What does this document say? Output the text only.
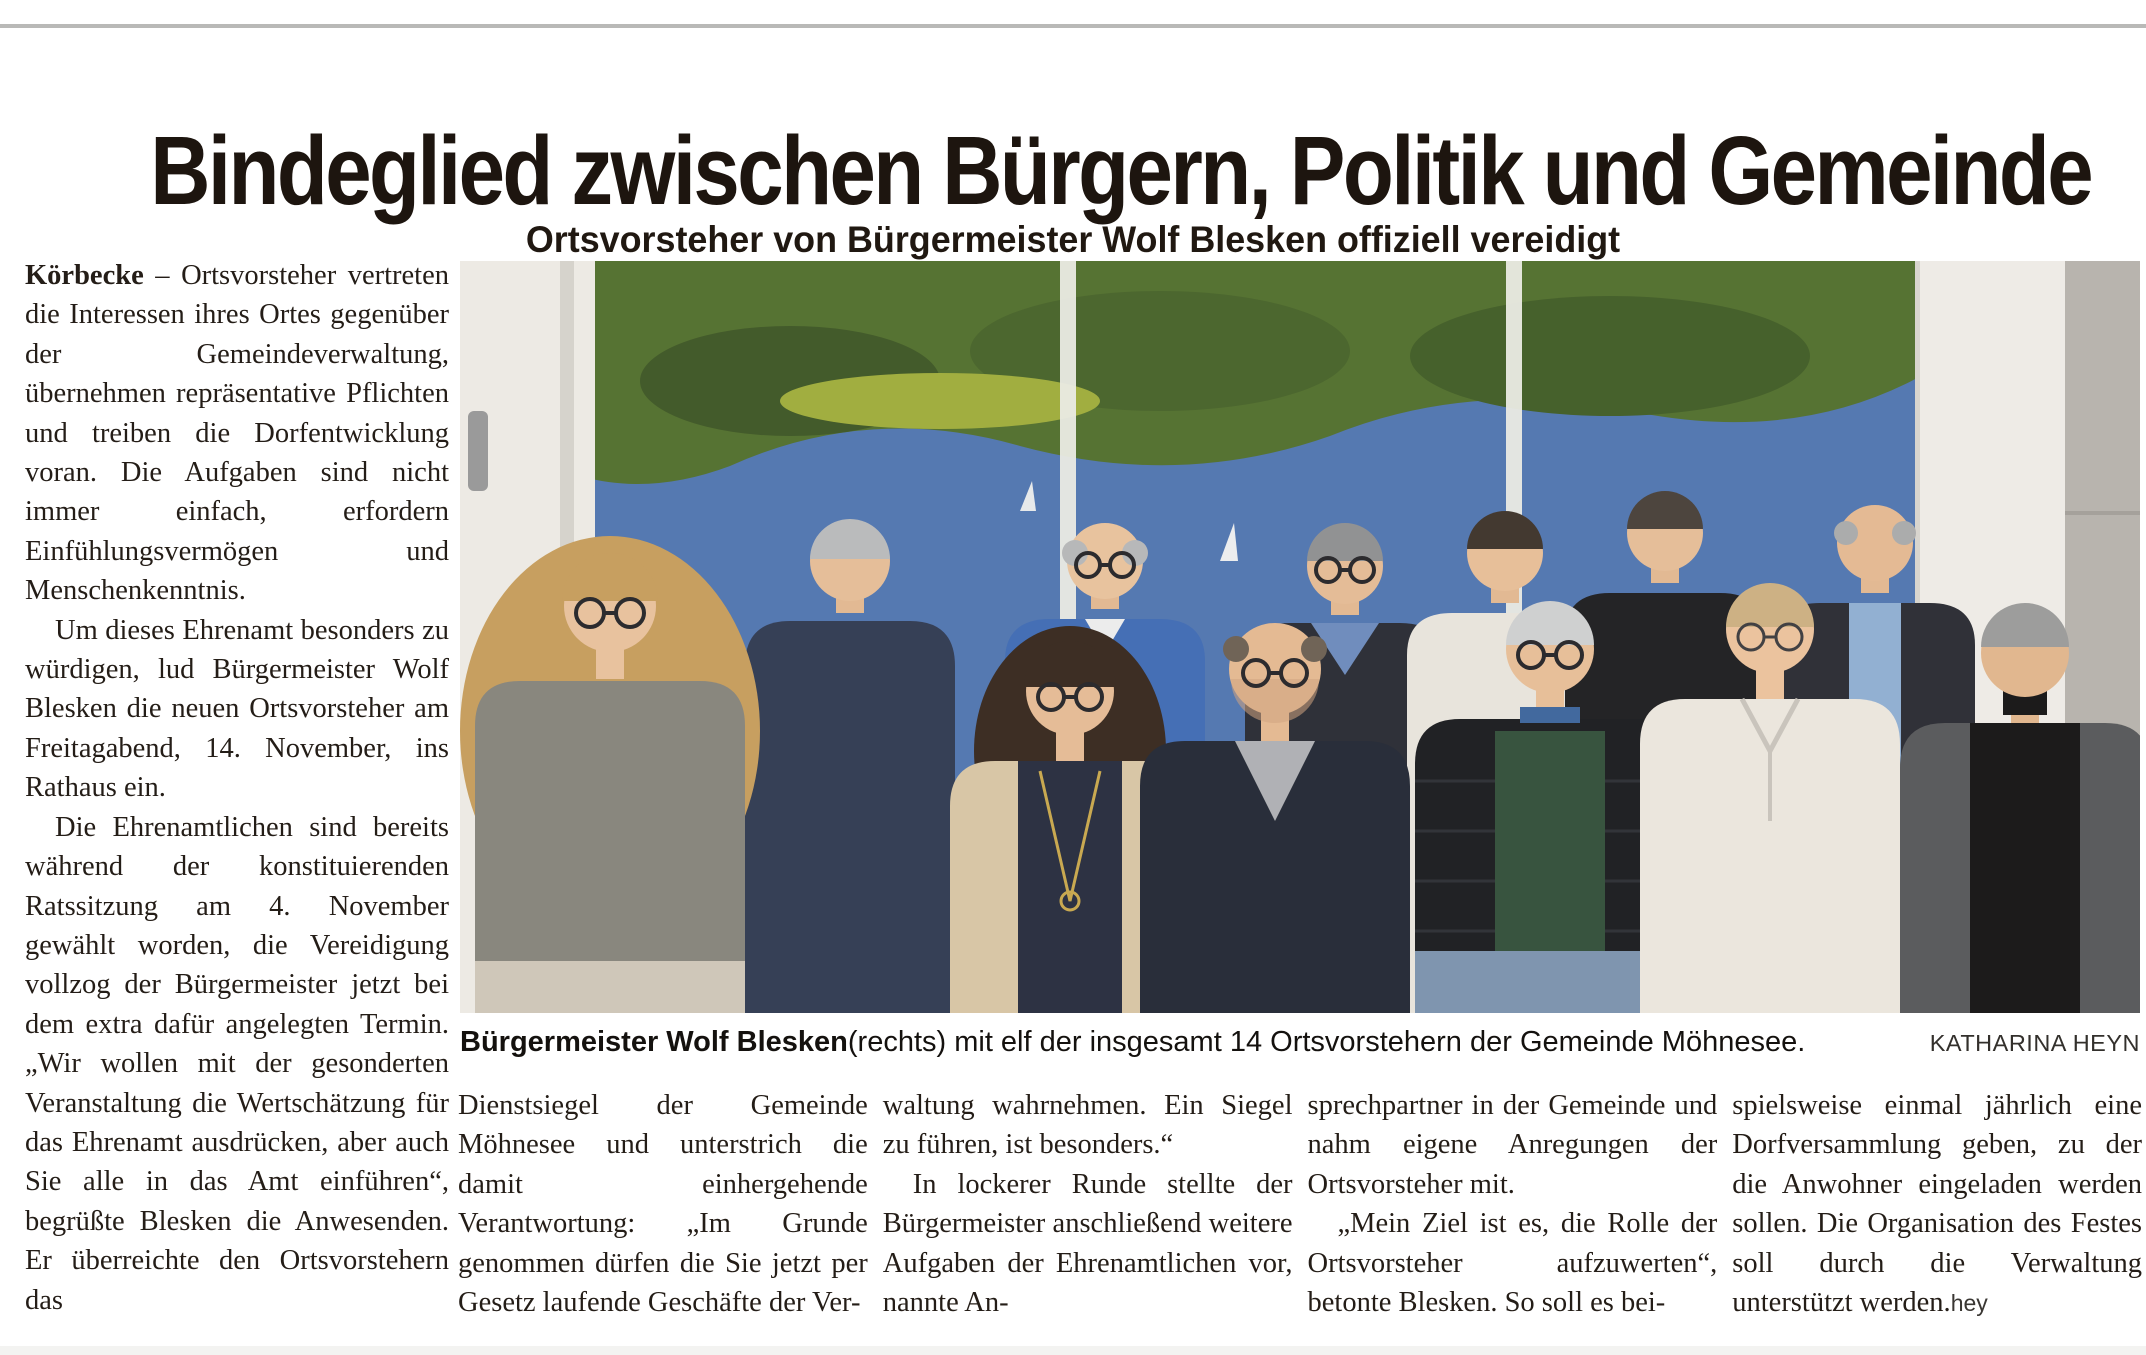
Bindeglied zwischen Bürgern, Politik und Gemeinde
Ortsvorsteher von Bürgermeister Wolf Blesken offiziell vereidigt

Körbecke – Ortsvorsteher vertreten die Interessen ihres Ortes gegenüber der Gemeindeverwaltung, übernehmen repräsentative Pflichten und treiben die Dorfentwicklung voran. Die Aufgaben sind nicht immer einfach, erfordern Einfühlungsvermögen und Menschenkenntnis.

Um dieses Ehrenamt besonders zu würdigen, lud Bürgermeister Wolf Blesken die neuen Ortsvorsteher am Freitagabend, 14. November, ins Rathaus ein.

Die Ehrenamtlichen sind bereits während der konstituierenden Ratssitzung am 4. November gewählt worden, die Vereidigung vollzog der Bürgermeister jetzt bei dem extra dafür angelegten Termin. „Wir wollen mit der gesonderten Veranstaltung die Wertschätzung für das Ehrenamt ausdrücken, aber auch Sie alle in das Amt einführen“, begrüßte Blesken die Anwesenden. Er überreichte den Ortsvorstehern das

Bürgermeister Wolf Blesken (rechts) mit elf der insgesamt 14 Ortsvorstehern der Gemeinde Möhnesee.	KATHARINA HEYN

Dienstsiegel der Gemeinde Möhnesee und unterstrich die damit einhergehende Verantwortung: „Im Grunde genommen dürfen die Sie jetzt per Gesetz laufende Geschäfte der Ver-

waltung wahrnehmen. Ein Siegel zu führen, ist besonders.“

In lockerer Runde stellte der Bürgermeister anschließend weitere Aufgaben der Ehrenamtlichen vor, nannte An-

sprechpartner in der Gemeinde und nahm eigene Anregungen der Ortsvorsteher mit.

„Mein Ziel ist es, die Rolle der Ortsvorsteher aufzuwerten“, betonte Blesken. So soll es bei-

spielsweise einmal jährlich eine Dorfversammlung geben, zu der die Anwohner eingeladen werden sollen. Die Organisation des Festes soll durch die Verwaltung unterstützt werden.hey
